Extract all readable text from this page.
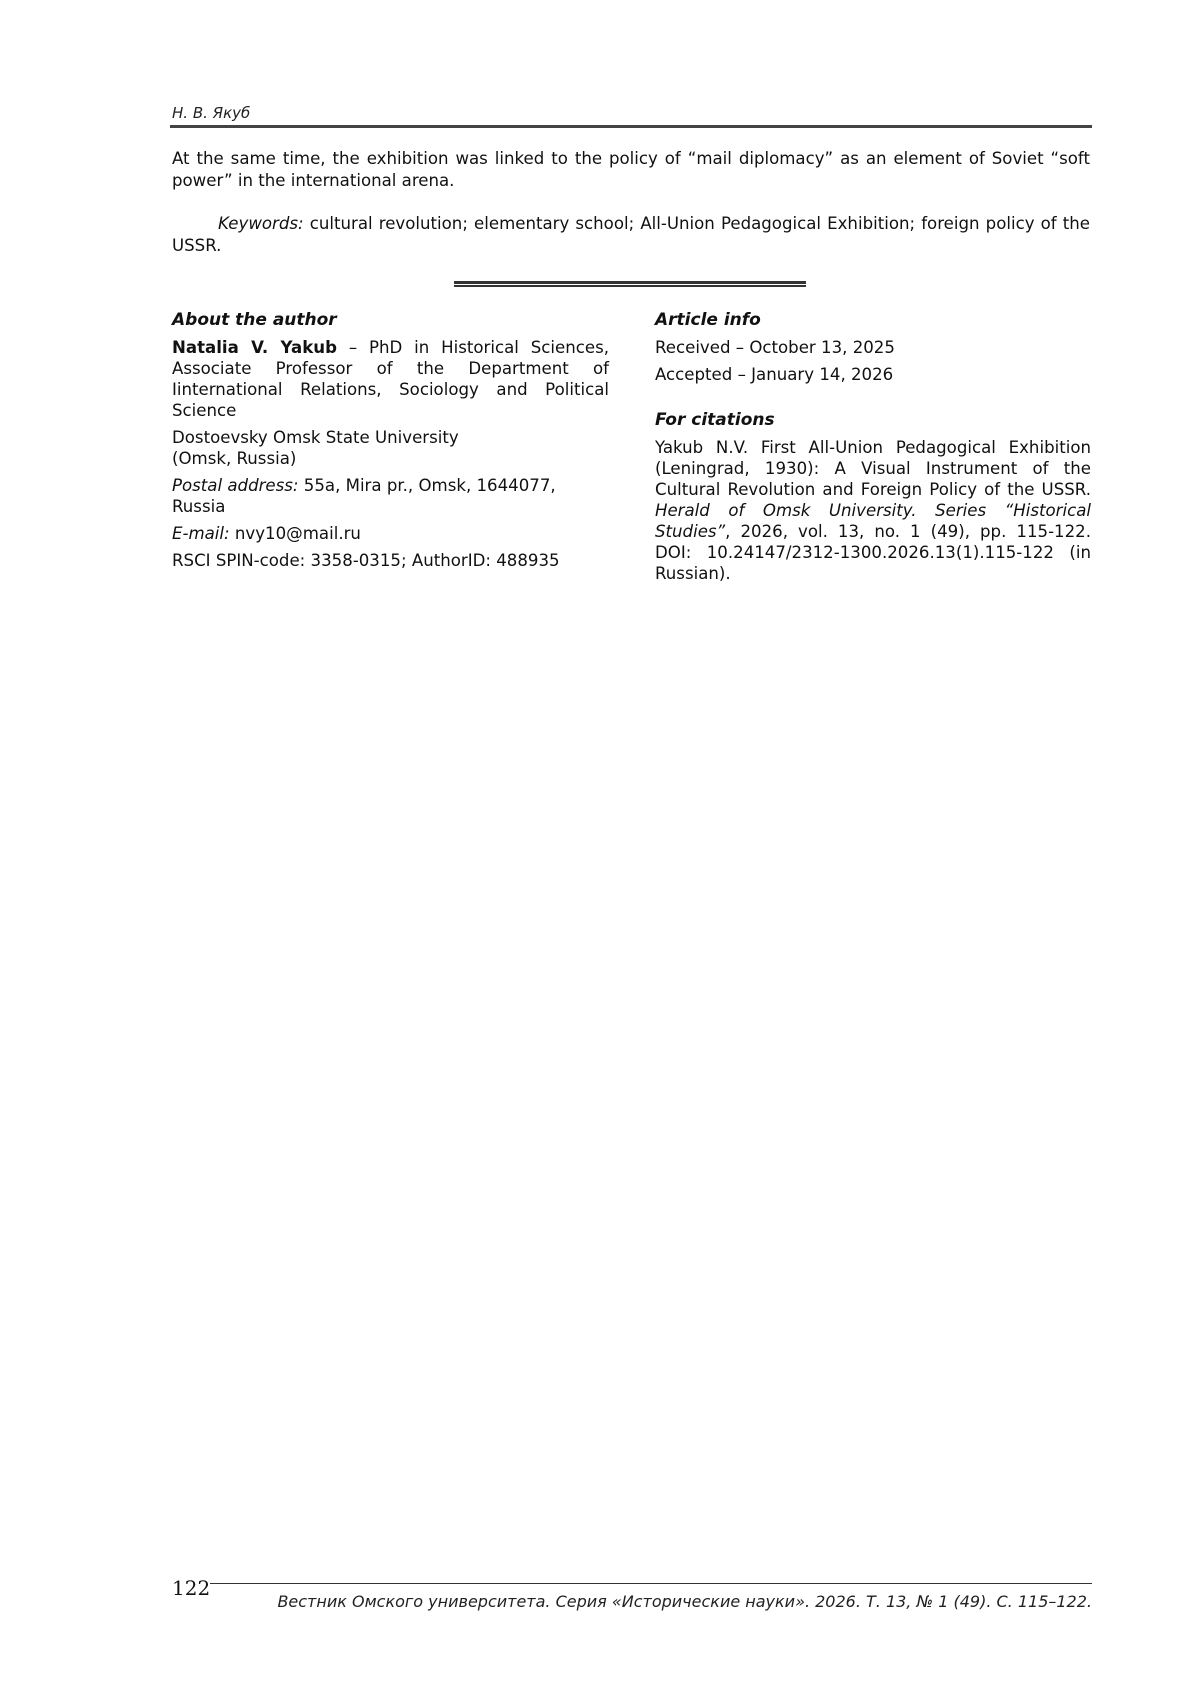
Н. В. Якуб
At the same time, the exhibition was linked to the policy of “mail diplomacy” as an element of Soviet “soft power” in the international arena.
Keywords: cultural revolution; elementary school; All-Union Pedagogical Exhibition; foreign policy of the USSR.
About the author

Natalia V. Yakub – PhD in Historical Sciences, Associate Professor of the Department of Iinternational Relations, Sociology and Political Science

Dostoevsky Omsk State University
(Omsk, Russia)

Postal address: 55a, Mira pr., Omsk, 1644077, Russia

E-mail: nvy10@mail.ru

RSCI SPIN-code: 3358-0315; AuthorID: 488935

Article info

Received – October 13, 2025

Accepted – January 14, 2026

For citations

Yakub N.V. First All-Union Pedagogical Exhibition (Leningrad, 1930): A Visual Instrument of the Cultural Revolution and Foreign Policy of the USSR. Herald of Omsk University. Series “Historical Studies”, 2026, vol. 13, no. 1 (49), pp. 115-122. DOI: 10.24147/2312-1300.2026.13(1).115-122 (in Russian).

122
Вестник Омского университета. Серия «Исторические науки». 2026. Т. 13, № 1 (49). С. 115–122.
